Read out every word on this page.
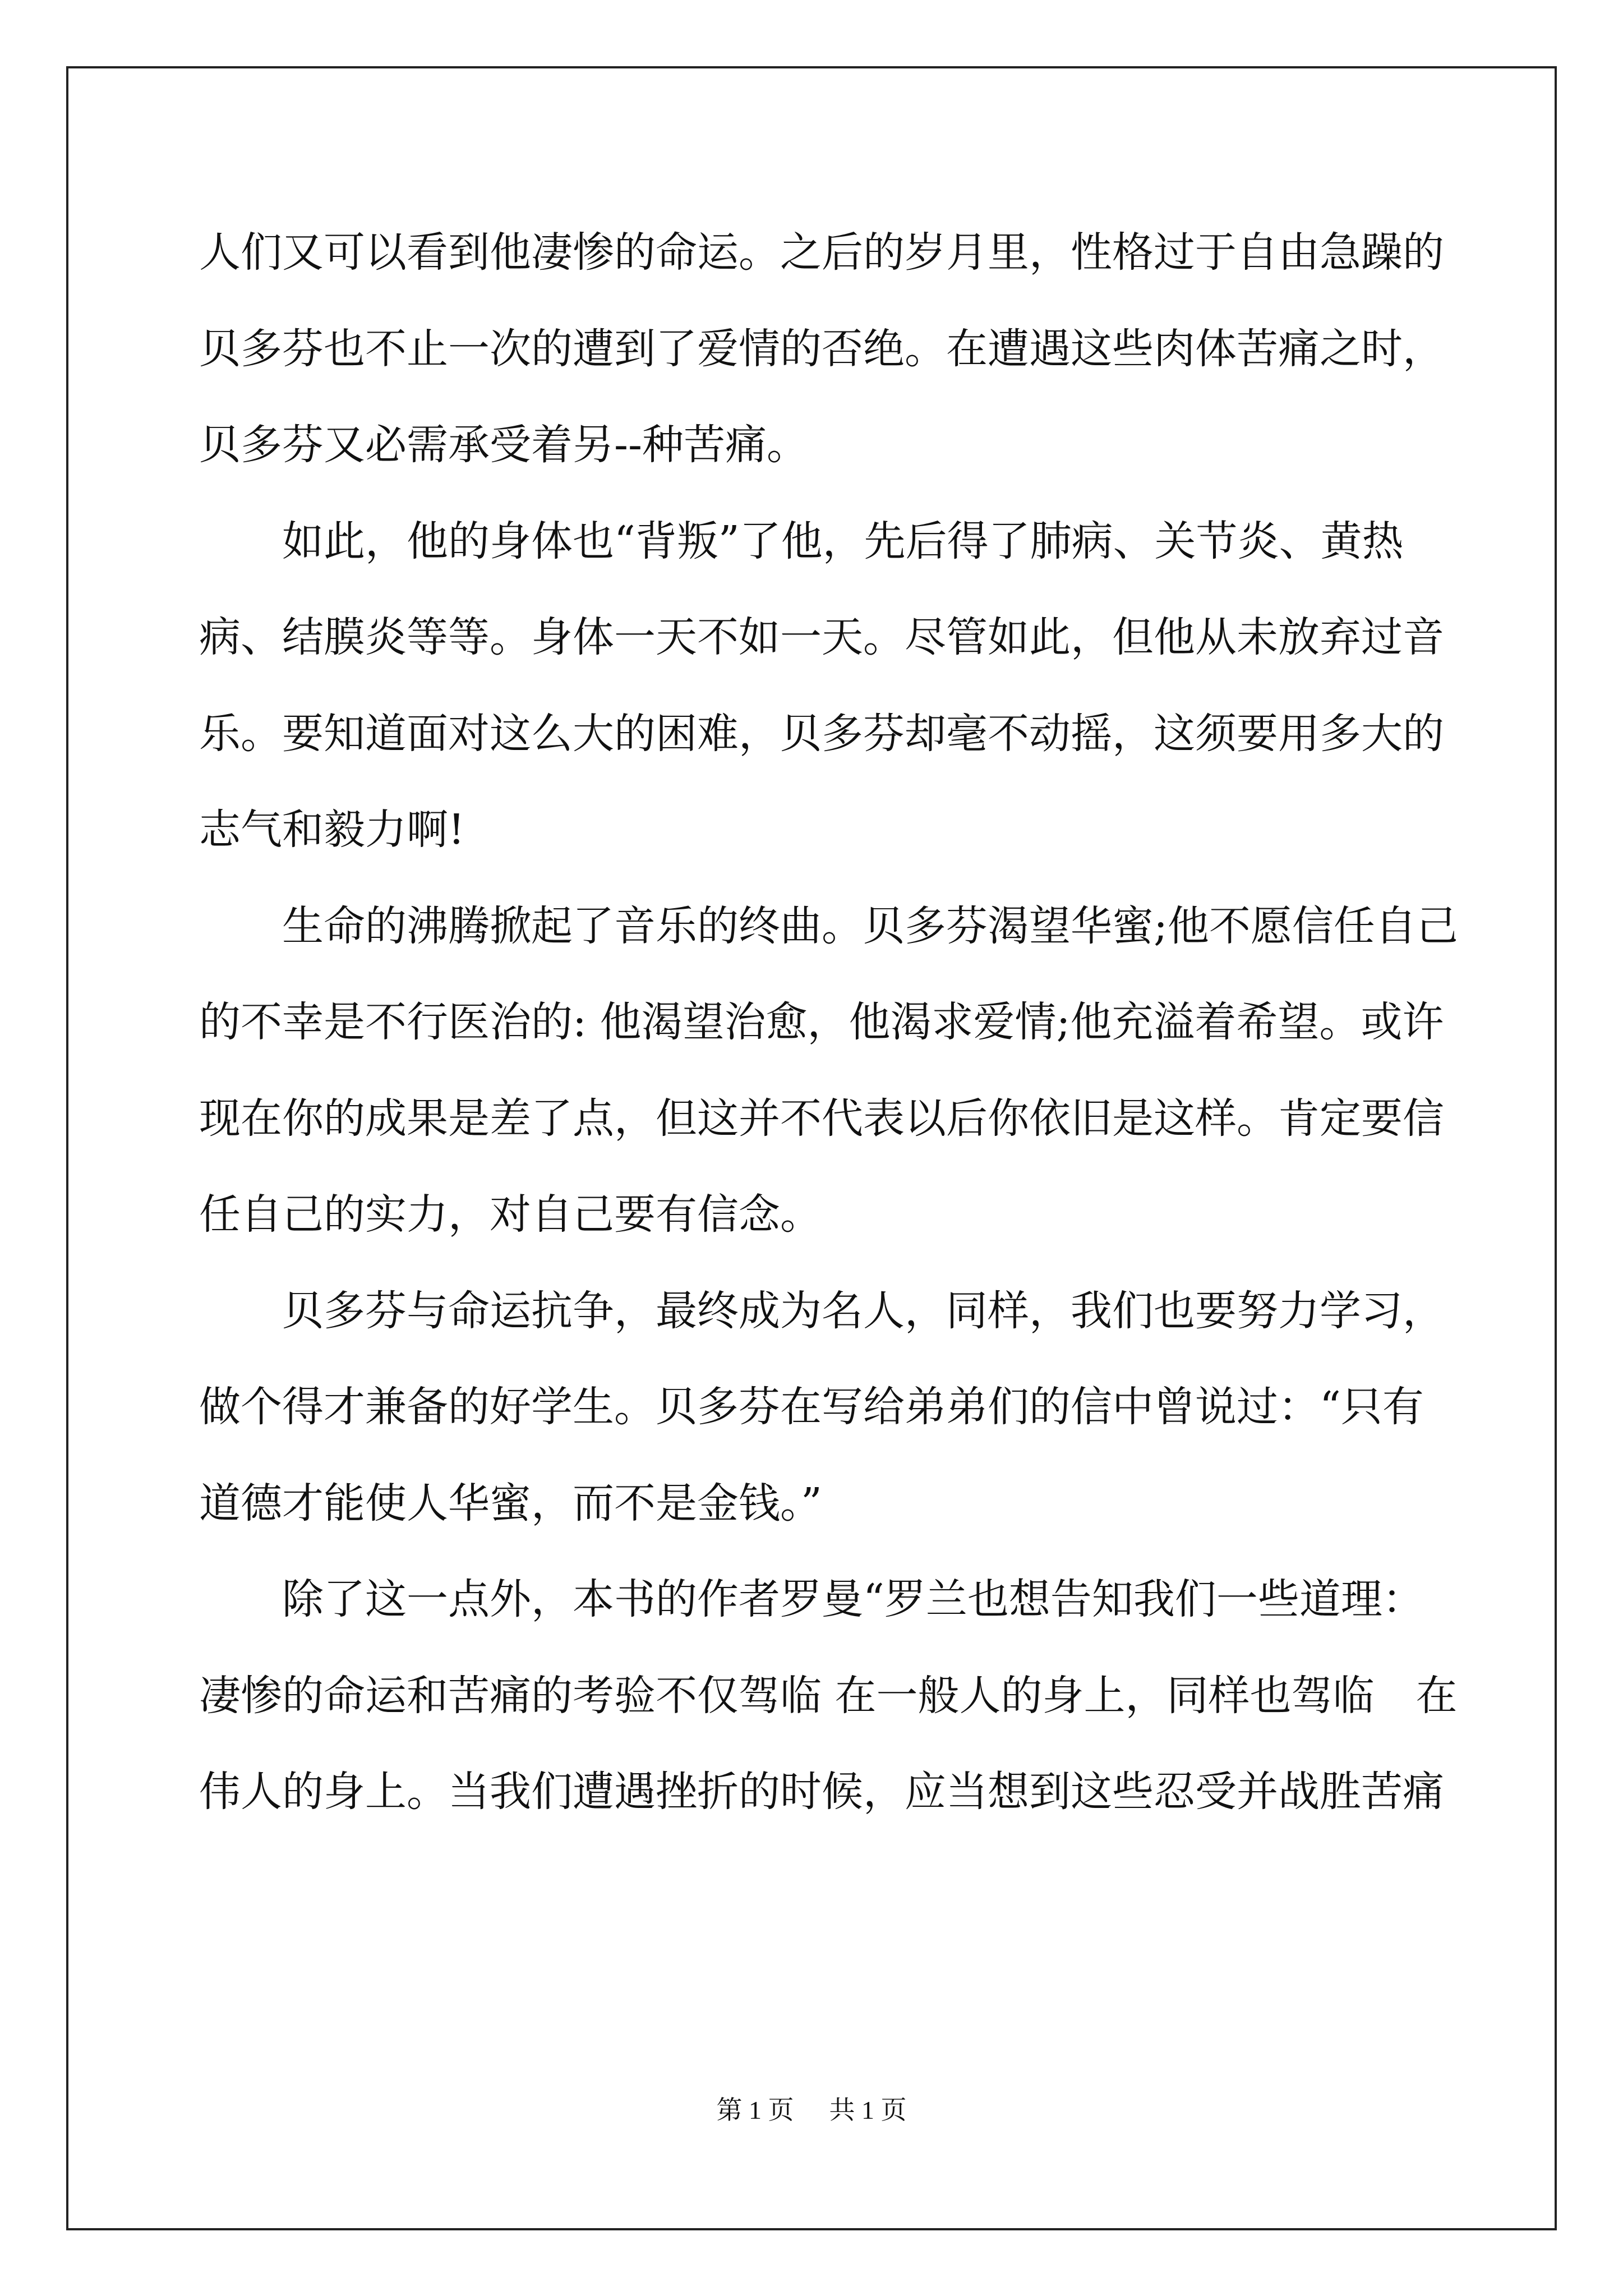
人们又可以看到他凄惨的命运。之后的岁月里，性格过于自由急躁的
贝多芬也不止一次的遭到了爱情的否绝。在遭遇这些肉体苦痛之时，
贝多芬又必需承受着另--种苦痛。
如此，他的身体也“背叛”了他，先后得了肺病、关节炎、黄热
病、结膜炎等等。身体一天不如一天。尽管如此，但他从未放弃过音
乐。要知道面对这么大的困难，贝多芬却毫不动摇，这须要用多大的
志气和毅力啊!
生命的沸腾掀起了音乐的终曲。贝多芬渴望华蜜;他不愿信任自己
的不幸是不行医治的: 他渴望治愈，他渴求爱情;他充溢着希望。或许
现在你的成果是差了点，但这并不代表以后你依旧是这样。肯定要信
任自己的实力，对自己要有信念。
贝多芬与命运抗争，最终成为名人，同样，我们也要努力学习，
做个得才兼备的好学生。贝多芬在写给弟弟们的信中曾说过：“只有
道德才能使人华蜜，而不是金钱。”
除了这一点外，本书的作者罗曼“罗兰也想告知我们一些道理：
凄惨的命运和苦痛的考验不仅驾临 在一般人的身上，同样也驾临　在
伟人的身上。当我们遭遇挫折的时候，应当想到这些忍受并战胜苦痛
第 1 页 共 1 页
